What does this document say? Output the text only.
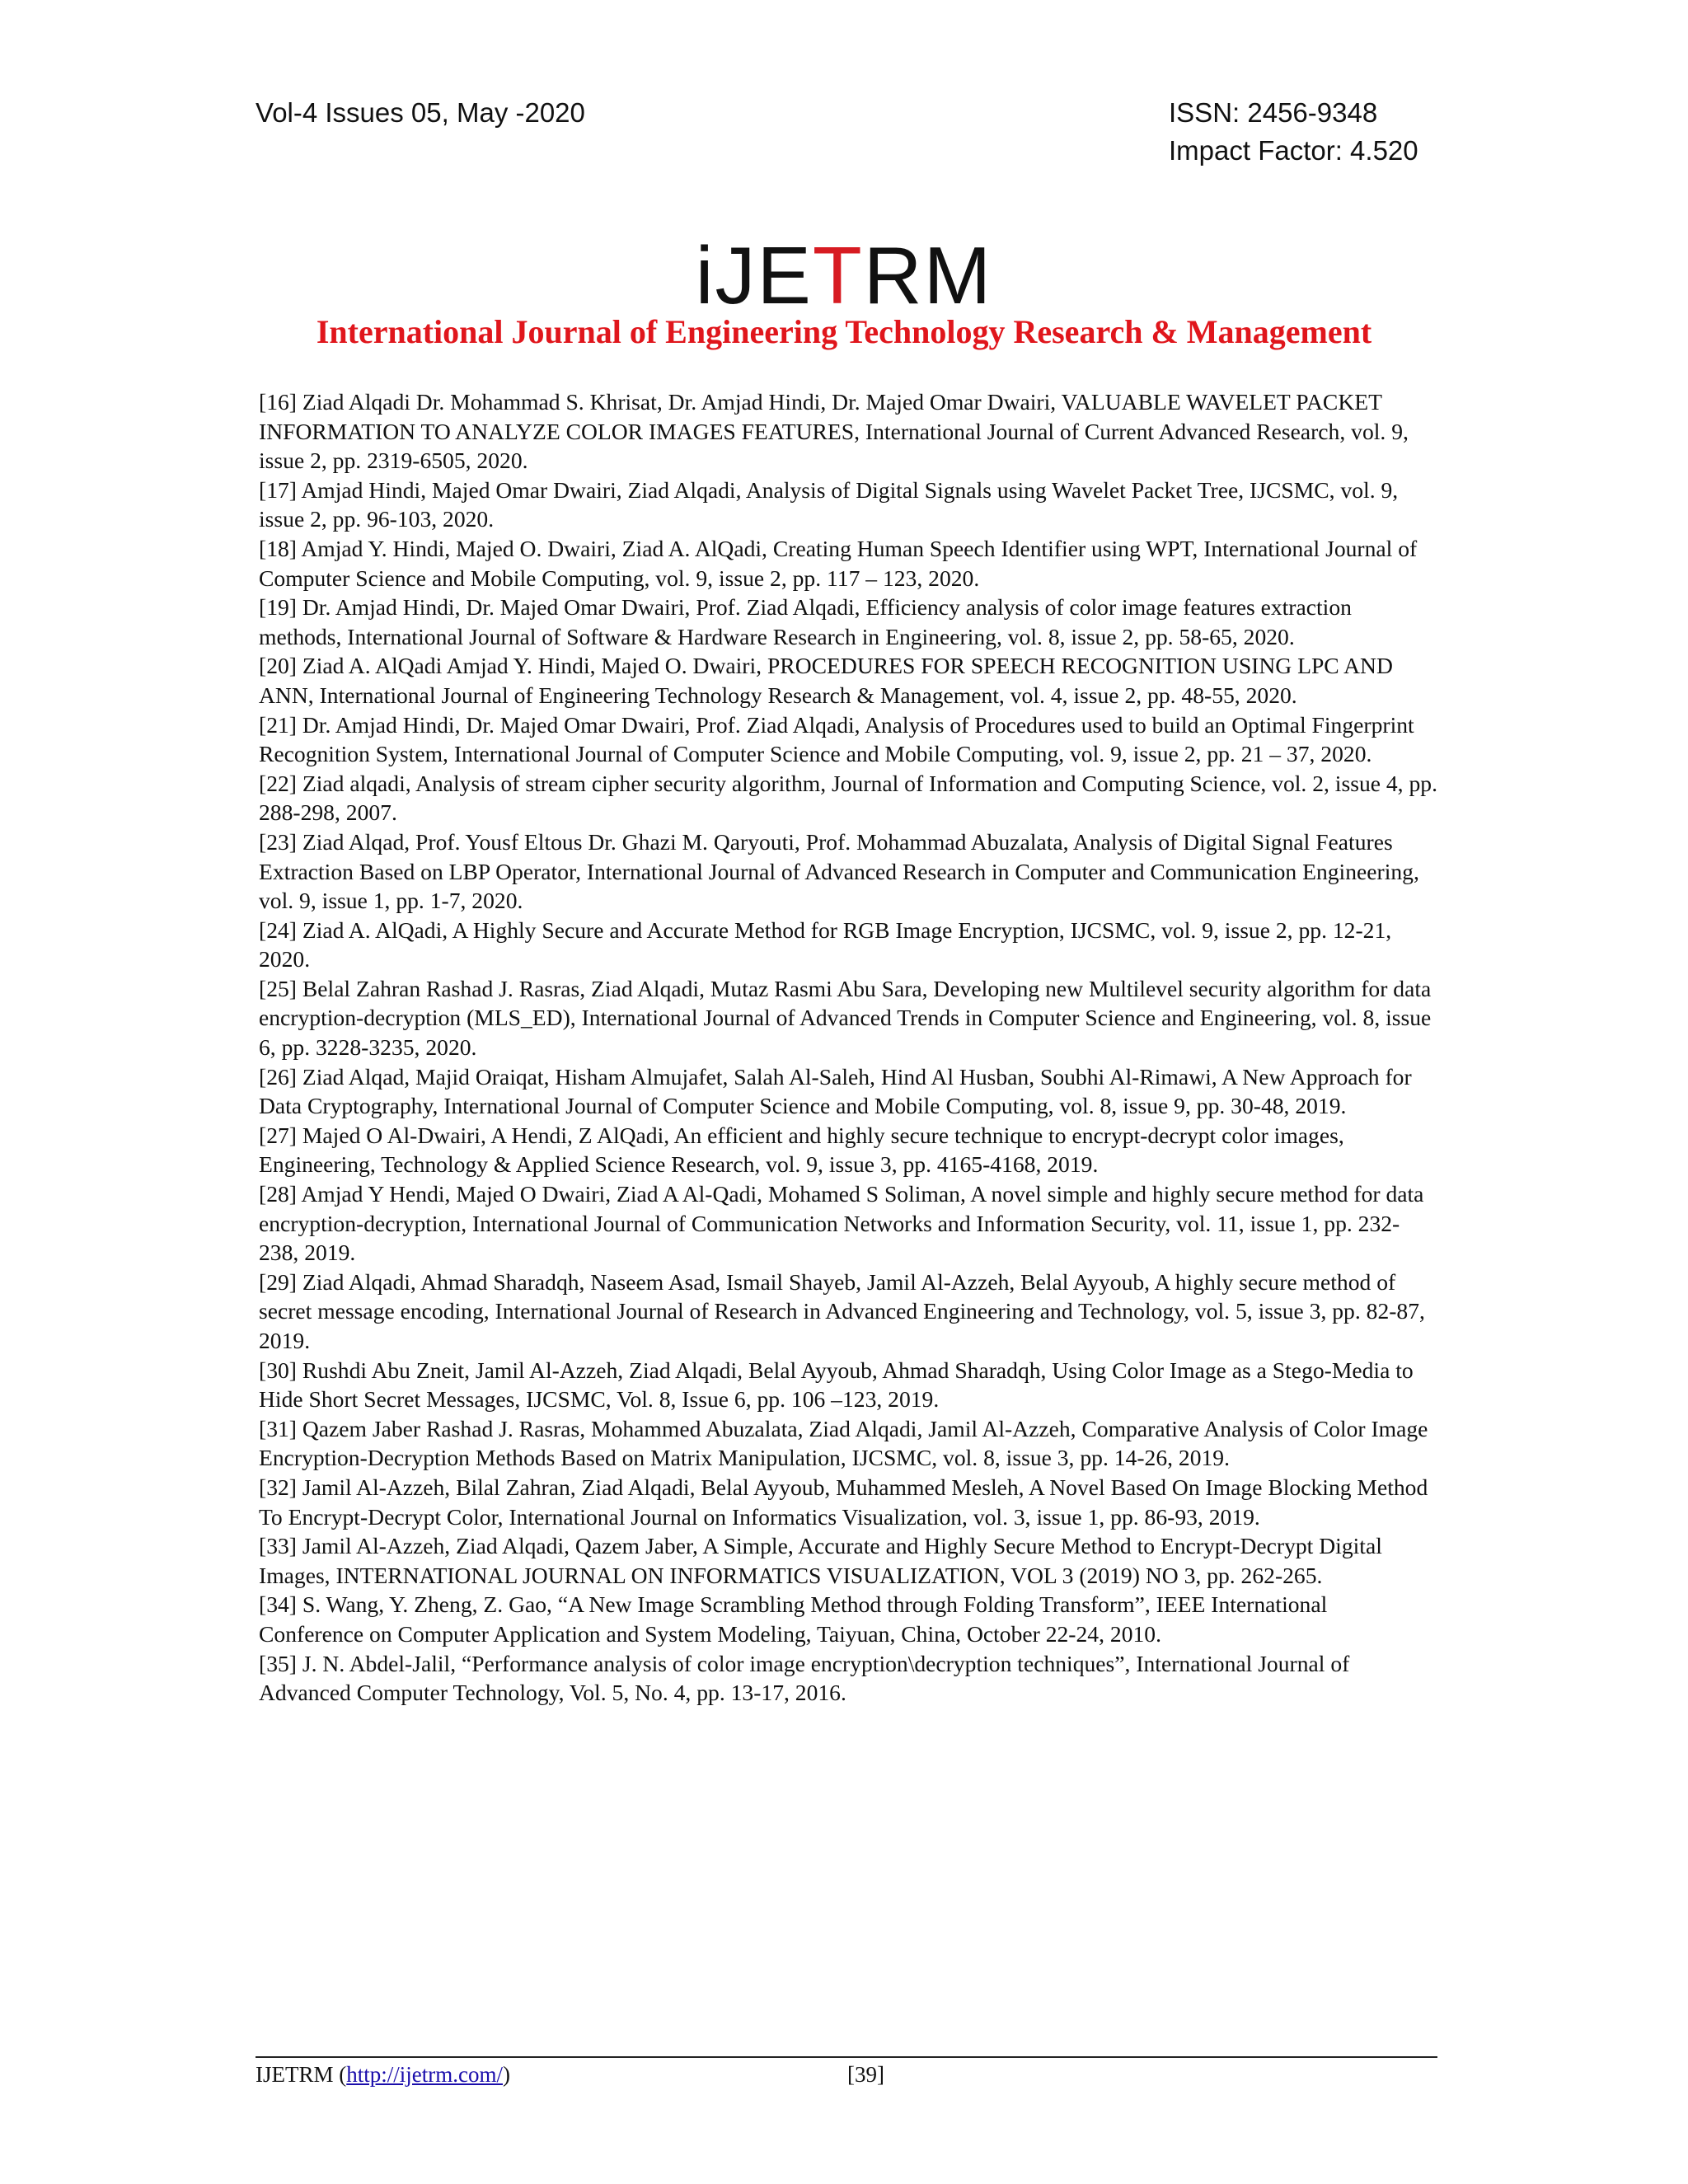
Vol-4 Issues 05, May -2020	ISSN: 2456-9348
Impact Factor: 4.520
iJETRM
International Journal of Engineering Technology Research & Management

[16] Ziad Alqadi Dr. Mohammad S. Khrisat, Dr. Amjad Hindi, Dr. Majed Omar Dwairi, VALUABLE WAVELET PACKET INFORMATION TO ANALYZE COLOR IMAGES FEATURES, International Journal of Current Advanced Research, vol. 9, issue 2, pp. 2319-6505, 2020.

[17] Amjad Hindi, Majed Omar Dwairi, Ziad Alqadi, Analysis of Digital Signals using Wavelet Packet Tree, IJCSMC, vol. 9, issue 2, pp. 96-103, 2020.

[18] Amjad Y. Hindi, Majed O. Dwairi, Ziad A. AlQadi, Creating Human Speech Identifier using WPT, International Journal of Computer Science and Mobile Computing, vol. 9, issue 2, pp. 117 – 123, 2020.

[19] Dr. Amjad Hindi, Dr. Majed Omar Dwairi, Prof. Ziad Alqadi, Efficiency analysis of color image features extraction methods, International Journal of Software & Hardware Research in Engineering, vol. 8, issue 2, pp. 58-65, 2020.

[20] Ziad A. AlQadi Amjad Y. Hindi, Majed O. Dwairi, PROCEDURES FOR SPEECH RECOGNITION USING LPC AND ANN, International Journal of Engineering Technology Research & Management, vol. 4, issue 2, pp. 48-55, 2020.

[21] Dr. Amjad Hindi, Dr. Majed Omar Dwairi, Prof. Ziad Alqadi, Analysis of Procedures used to build an Optimal Fingerprint Recognition System, International Journal of Computer Science and Mobile Computing, vol. 9, issue 2, pp. 21 – 37, 2020.

[22] Ziad alqadi, Analysis of stream cipher security algorithm, Journal of Information and Computing Science, vol. 2, issue 4, pp. 288-298, 2007.

[23] Ziad Alqad, Prof. Yousf Eltous Dr. Ghazi M. Qaryouti, Prof. Mohammad Abuzalata, Analysis of Digital Signal Features Extraction Based on LBP Operator, International Journal of Advanced Research in Computer and Communication Engineering, vol. 9, issue 1, pp. 1-7, 2020.

[24] Ziad A. AlQadi, A Highly Secure and Accurate Method for RGB Image Encryption, IJCSMC, vol. 9, issue 2, pp. 12-21, 2020.

[25] Belal Zahran Rashad J. Rasras, Ziad Alqadi, Mutaz Rasmi Abu Sara, Developing new Multilevel security algorithm for data encryption-decryption (MLS_ED), International Journal of Advanced Trends in Computer Science and Engineering, vol. 8, issue 6, pp. 3228-3235, 2020.

[26] Ziad Alqad, Majid Oraiqat, Hisham Almujafet, Salah Al-Saleh, Hind Al Husban, Soubhi Al-Rimawi, A New Approach for Data Cryptography, International Journal of Computer Science and Mobile Computing, vol. 8, issue 9, pp. 30-48, 2019.

[27] Majed O Al-Dwairi, A Hendi, Z AlQadi, An efficient and highly secure technique to encrypt-decrypt color images, Engineering, Technology & Applied Science Research, vol. 9, issue 3, pp. 4165-4168, 2019.

[28] Amjad Y Hendi, Majed O Dwairi, Ziad A Al-Qadi, Mohamed S Soliman, A novel simple and highly secure method for data encryption-decryption, International Journal of Communication Networks and Information Security, vol. 11, issue 1, pp. 232-238, 2019.

[29] Ziad Alqadi, Ahmad Sharadqh, Naseem Asad, Ismail Shayeb, Jamil Al-Azzeh, Belal Ayyoub, A highly secure method of secret message encoding, International Journal of Research in Advanced Engineering and Technology, vol. 5, issue 3, pp. 82-87, 2019.

[30] Rushdi Abu Zneit, Jamil Al-Azzeh, Ziad Alqadi, Belal Ayyoub, Ahmad Sharadqh, Using Color Image as a Stego-Media to Hide Short Secret Messages, IJCSMC, Vol. 8, Issue 6, pp. 106 –123, 2019.

[31] Qazem Jaber Rashad J. Rasras, Mohammed Abuzalata, Ziad Alqadi, Jamil Al-Azzeh, Comparative Analysis of Color Image Encryption-Decryption Methods Based on Matrix Manipulation, IJCSMC, vol. 8, issue 3, pp. 14-26, 2019.

[32] Jamil Al-Azzeh, Bilal Zahran, Ziad Alqadi, Belal Ayyoub, Muhammed Mesleh, A Novel Based On Image Blocking Method To Encrypt-Decrypt Color, International Journal on Informatics Visualization, vol. 3, issue 1, pp. 86-93, 2019.

[33] Jamil Al-Azzeh, Ziad Alqadi, Qazem Jaber, A Simple, Accurate and Highly Secure Method to Encrypt-Decrypt Digital Images, INTERNATIONAL JOURNAL ON INFORMATICS VISUALIZATION, VOL 3 (2019) NO 3, pp. 262-265.

[34] S. Wang, Y. Zheng, Z. Gao, “A New Image Scrambling Method through Folding Transform”, IEEE International Conference on Computer Application and System Modeling, Taiyuan, China, October 22-24, 2010.

[35] J. N. Abdel-Jalil, “Performance analysis of color image encryption\decryption techniques”, International Journal of Advanced Computer Technology, Vol. 5, No. 4, pp. 13-17, 2016.

IJETRM (http://ijetrm.com/)	[39]
